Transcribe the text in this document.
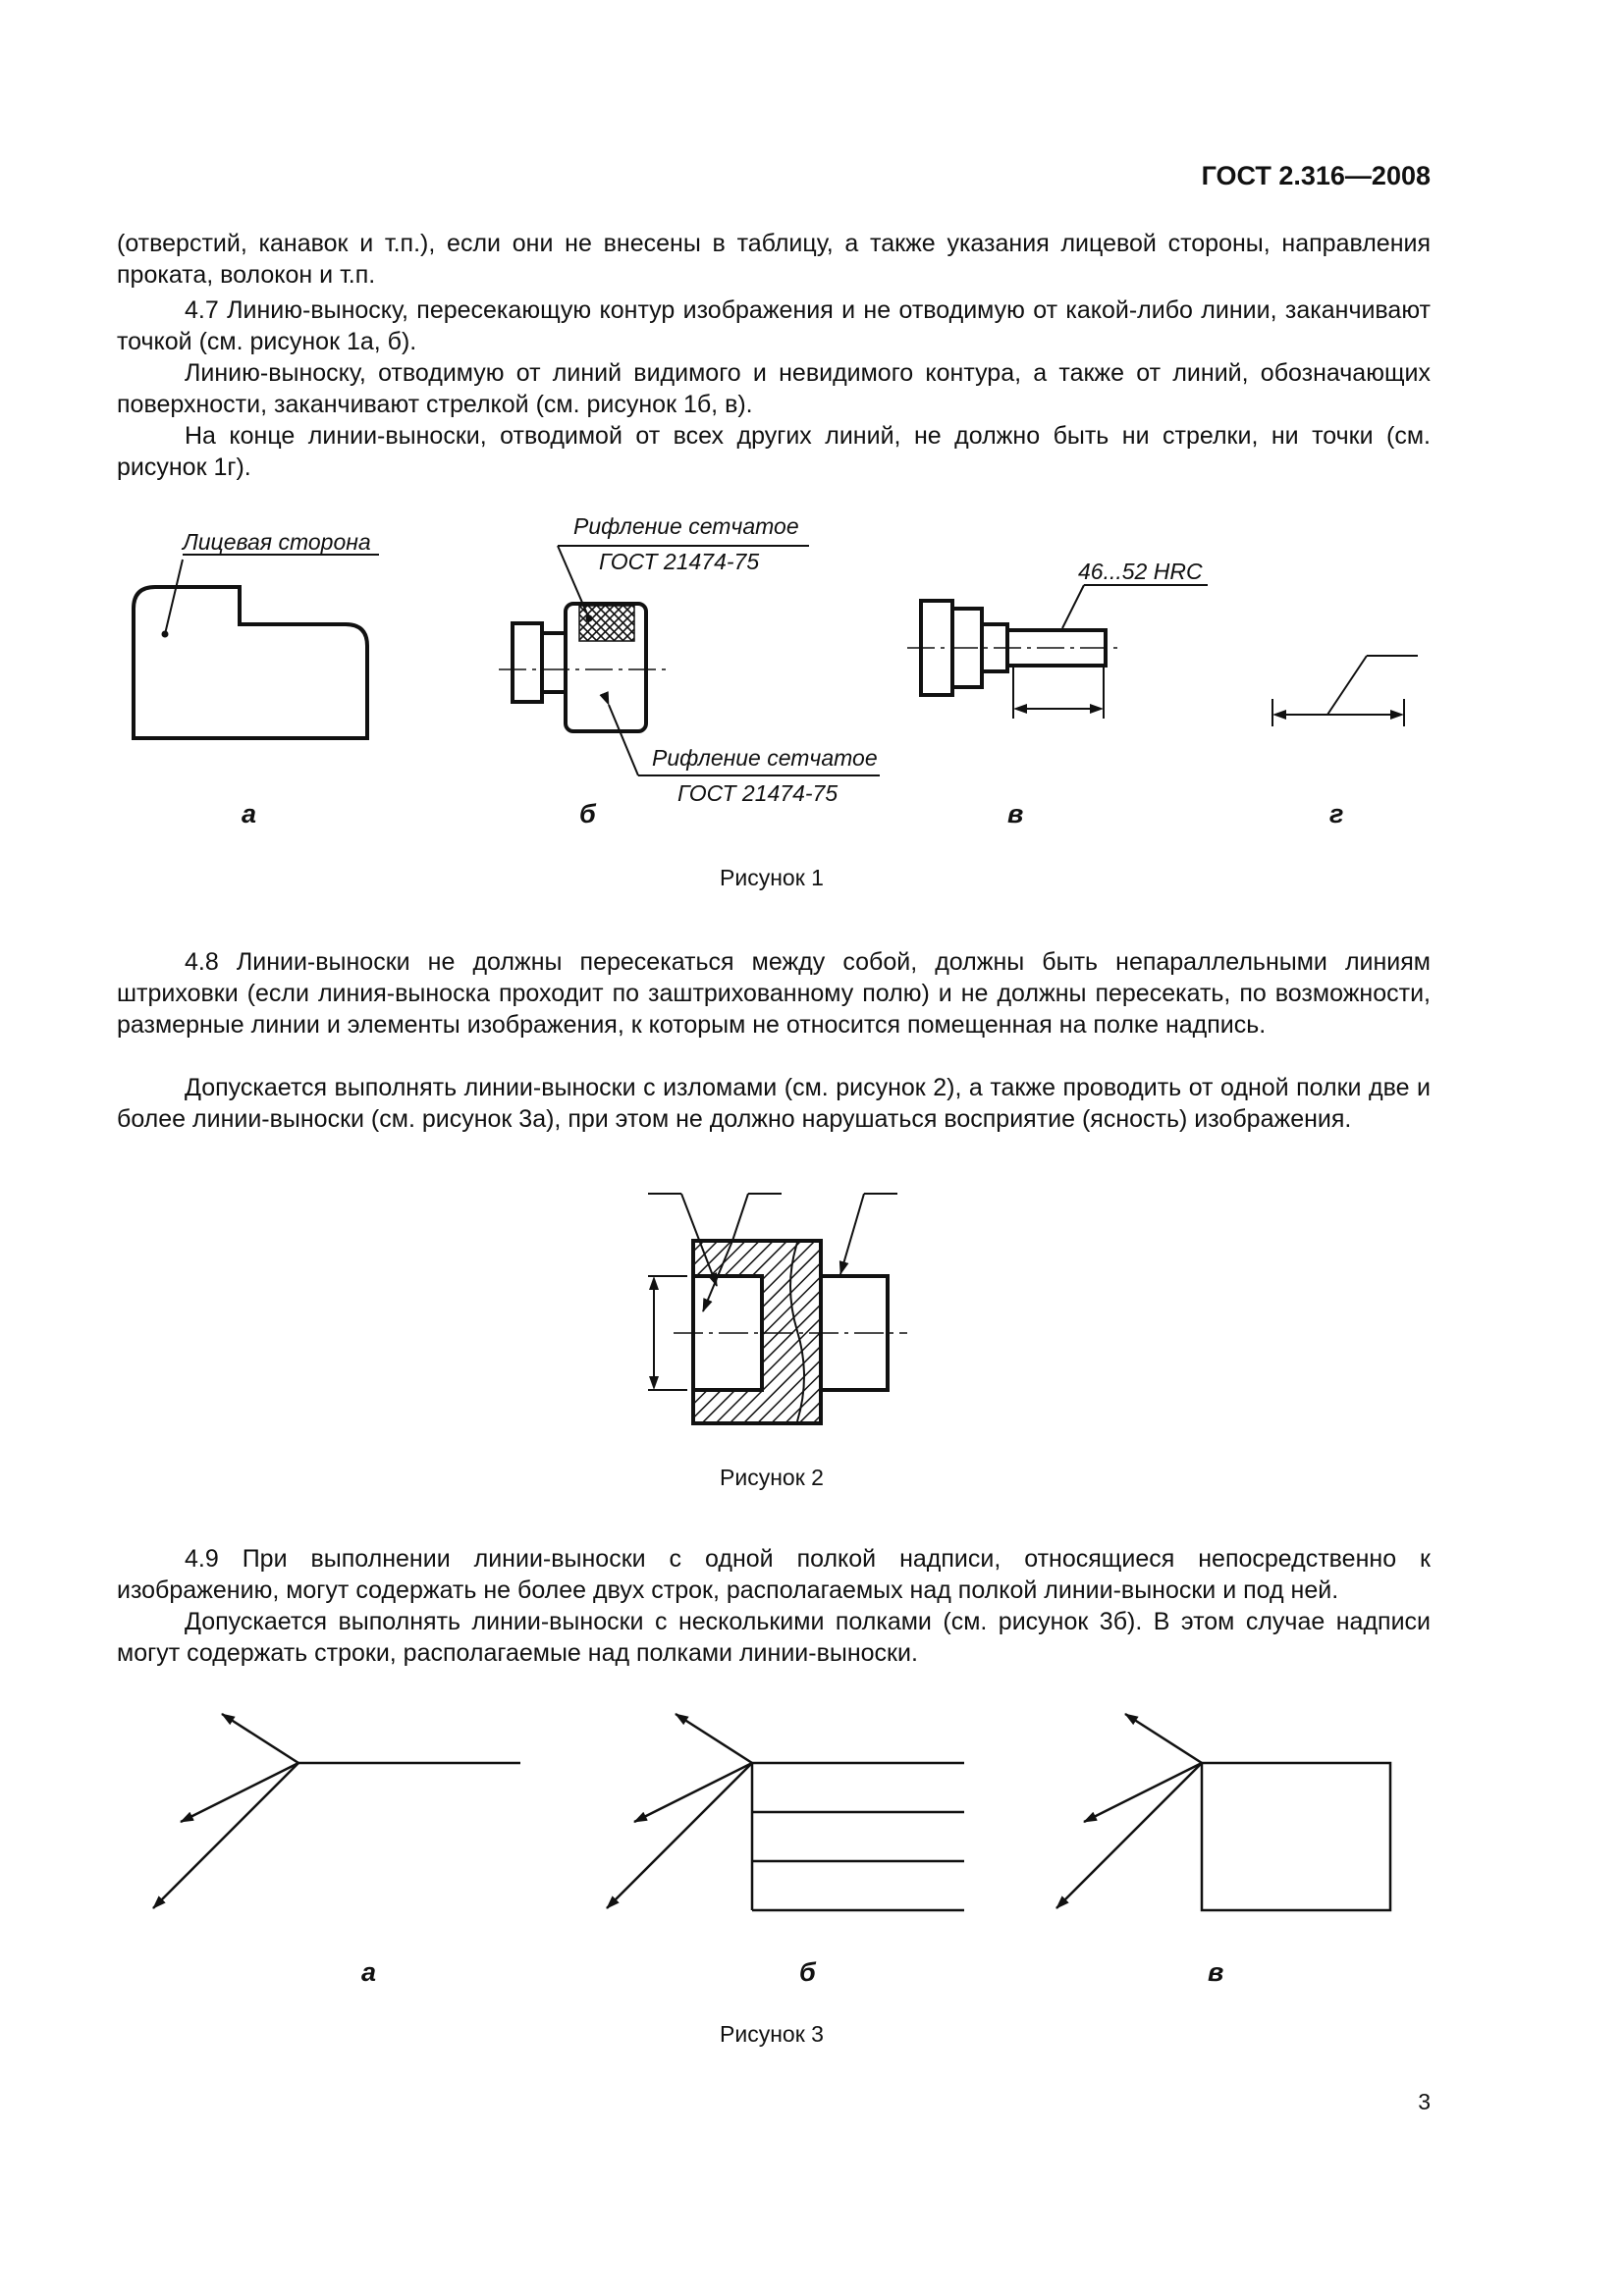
ГОСТ 2.316—2008
(отверстий, канавок и т.п.), если они не внесены в таблицу, а также указания лицевой стороны, направления проката, волокон и т.п.
4.7 Линию-выноску, пересекающую контур изображения и не отводимую от какой-либо линии, заканчивают точкой (см. рисунок 1а, б).
Линию-выноску, отводимую от линий видимого и невидимого контура, а также от линий, обозначающих поверхности, заканчивают стрелкой (см. рисунок 1б, в).
На конце линии-выноски, отводимой от всех других линий, не должно быть ни стрелки, ни точки (см. рисунок 1г).
Лицевая сторона
Рифление сетчатое
ГОСТ 21474-75
Рифление сетчатое
ГОСТ 21474-75
46...52 HRC
а	б	в	г
Рисунок 1
4.8 Линии-выноски не должны пересекаться между собой, должны быть непараллельными линиям штриховки (если линия-выноска проходит по заштрихованному полю) и не должны пересекать, по возможности, размерные линии и элементы изображения, к которым не относится помещенная на полке надпись.
Допускается выполнять линии-выноски с изломами (см. рисунок 2), а также проводить от одной полки две и более линии-выноски (см. рисунок 3а), при этом не должно нарушаться восприятие (ясность) изображения.
Рисунок 2
4.9 При выполнении линии-выноски с одной полкой надписи, относящиеся непосредственно к изображению, могут содержать не более двух строк, располагаемых над полкой линии-выноски и под ней.
Допускается выполнять линии-выноски с несколькими полками (см. рисунок 3б). В этом случае надписи могут содержать строки, располагаемые над полками линии-выноски.
а	б	в
Рисунок 3
3
